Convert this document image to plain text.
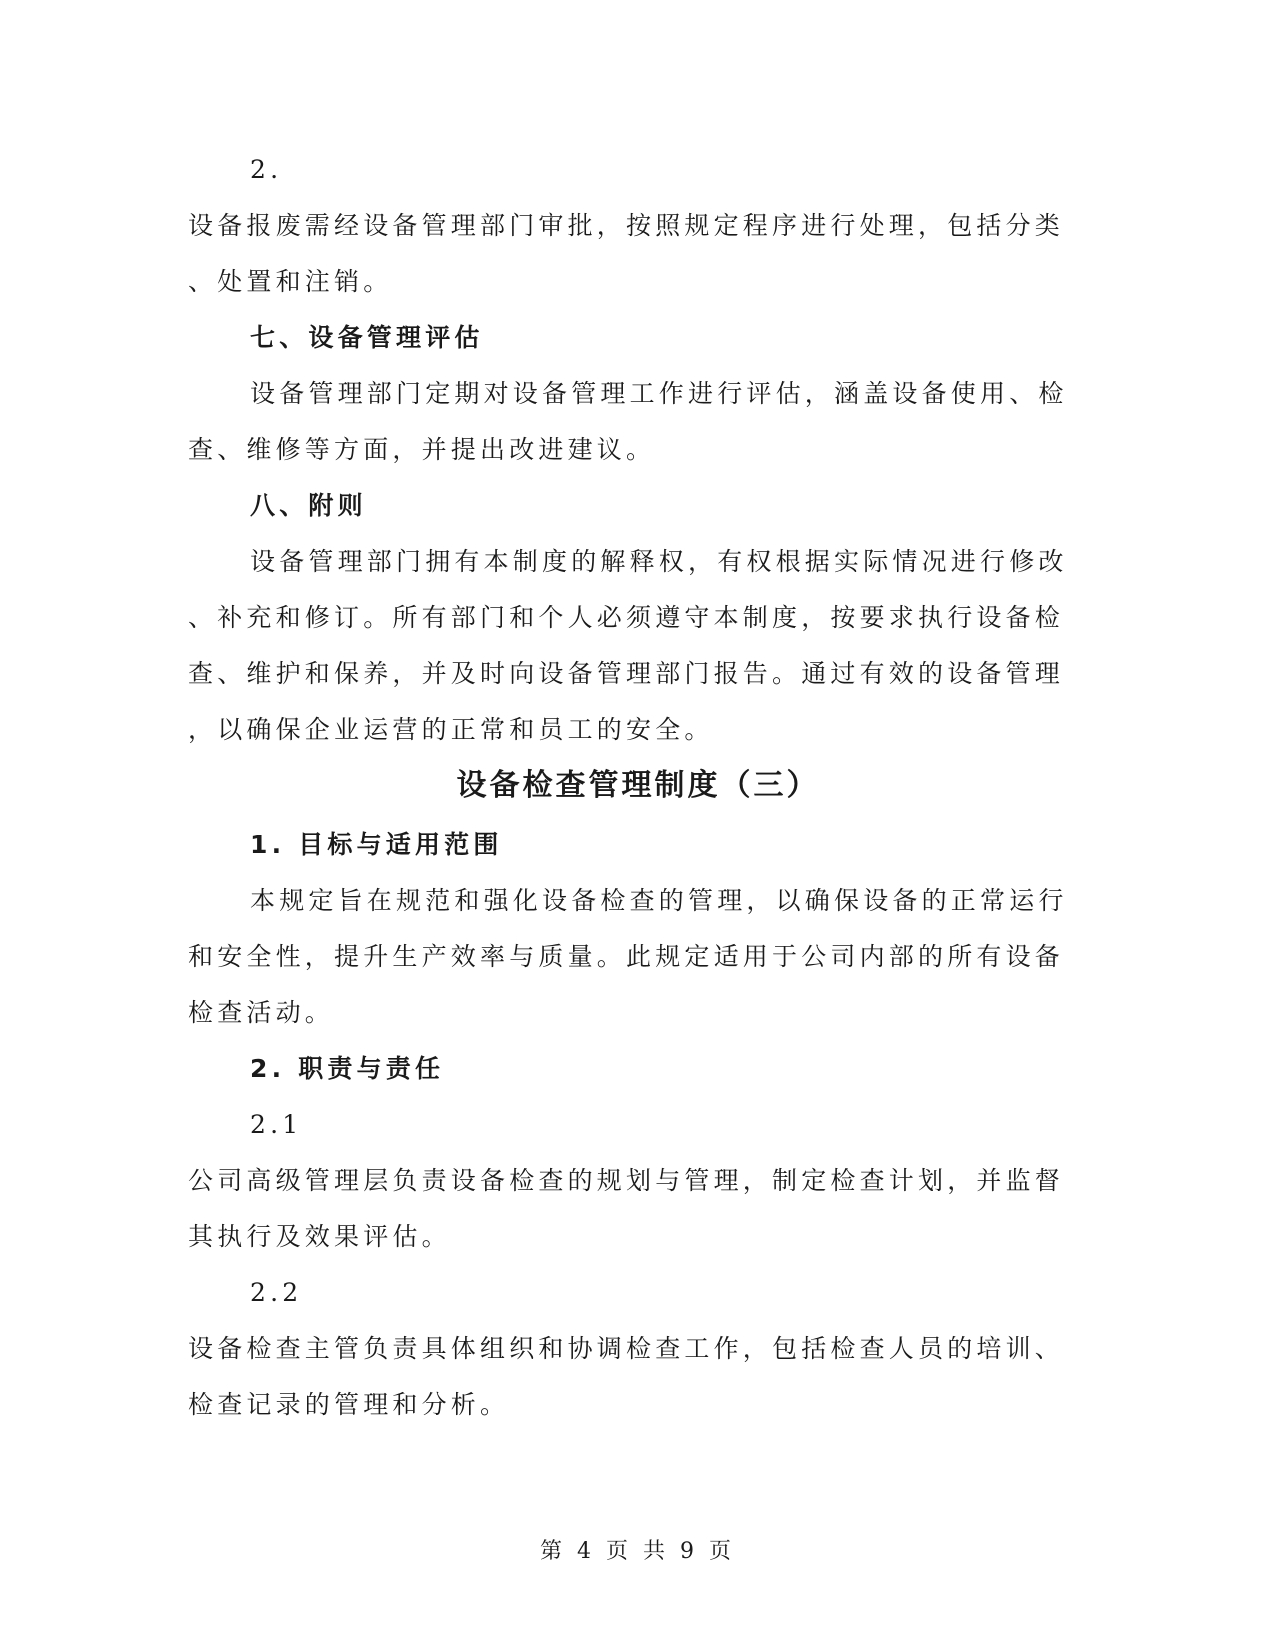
2.
设备报废需经设备管理部门审批，按照规定程序进行处理，包括分类
、处置和注销。
七、设备管理评估
设备管理部门定期对设备管理工作进行评估，涵盖设备使用、检
查、维修等方面，并提出改进建议。
八、附则
设备管理部门拥有本制度的解释权，有权根据实际情况进行修改
、补充和修订。所有部门和个人必须遵守本制度，按要求执行设备检
查、维护和保养，并及时向设备管理部门报告。通过有效的设备管理
，以确保企业运营的正常和员工的安全。
设备检查管理制度（三）
1. 目标与适用范围
本规定旨在规范和强化设备检查的管理，以确保设备的正常运行
和安全性，提升生产效率与质量。此规定适用于公司内部的所有设备
检查活动。
2. 职责与责任
2.1
公司高级管理层负责设备检查的规划与管理，制定检查计划，并监督
其执行及效果评估。
2.2
设备检查主管负责具体组织和协调检查工作，包括检查人员的培训、
检查记录的管理和分析。
第 4 页 共 9 页
